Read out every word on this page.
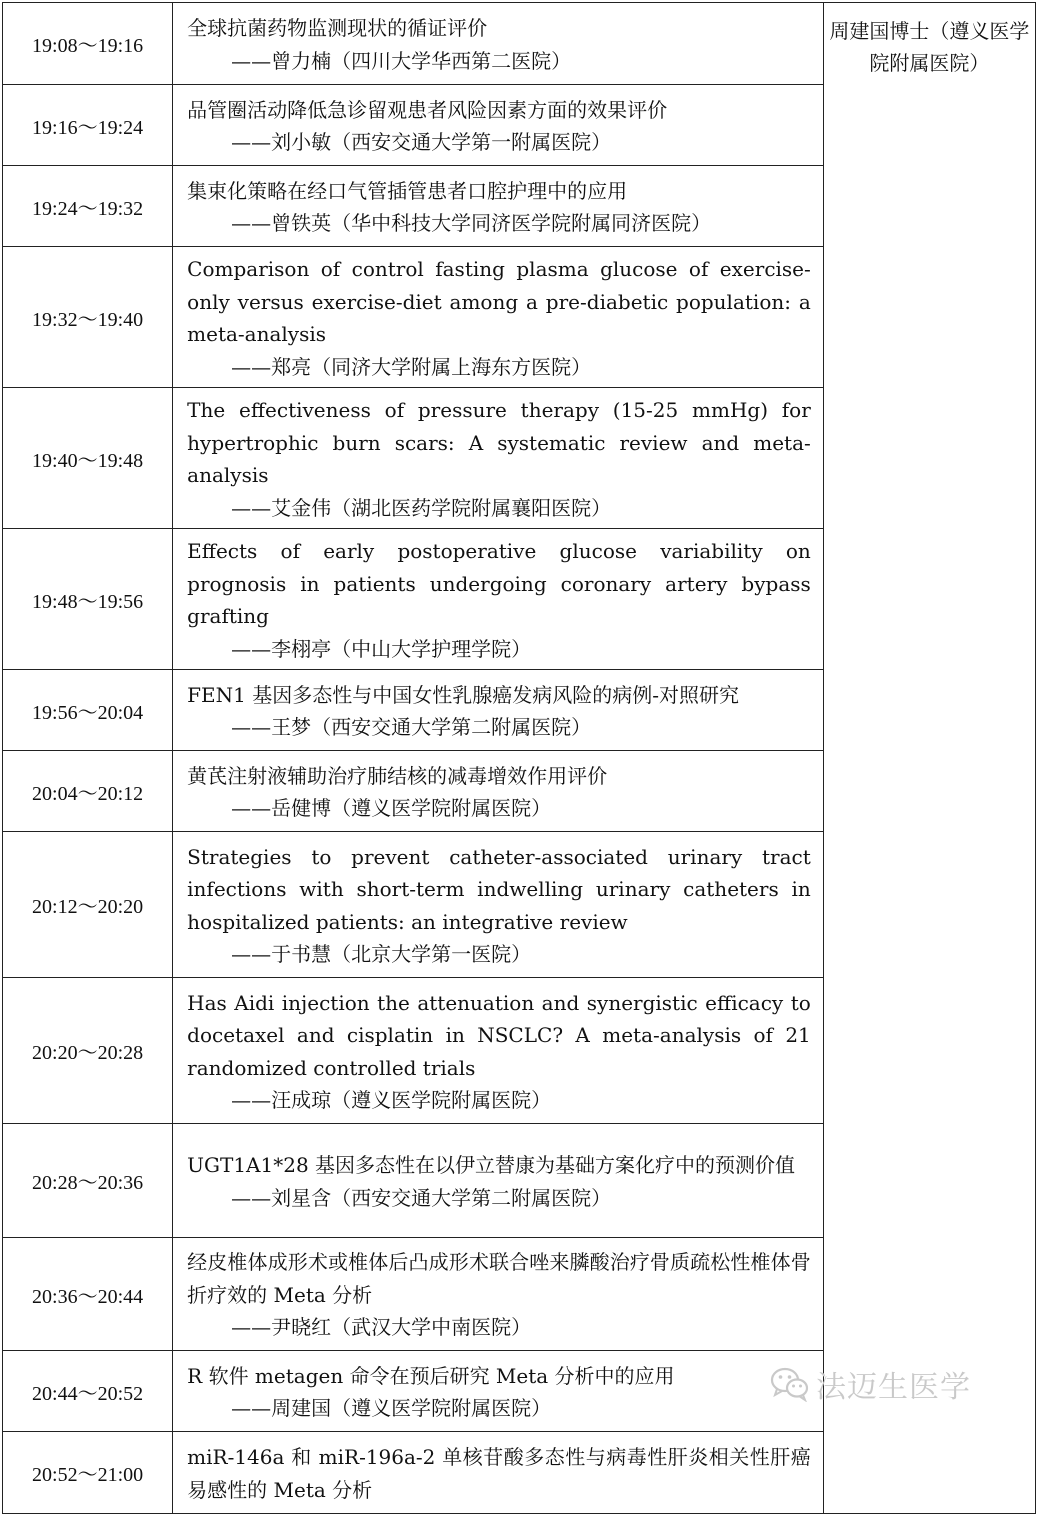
19:08～19:16	全球抗菌药物监测现状的循证评价
——曾力楠（四川大学华西第二医院）	周建国博士（遵义医学院附属医院）
19:16～19:24	品管圈活动降低急诊留观患者风险因素方面的效果评价
——刘小敏（西安交通大学第一附属医院）	

19:24～19:32	集束化策略在经口气管插管患者口腔护理中的应用
——曾铁英（华中科技大学同济医学院附属同济医院）	

19:32～19:40	Comparison of control fasting plasma glucose of exercise-only versus exercise-diet among a pre-diabetic population: a meta-analysis
——郑亮（同济大学附属上海东方医院）	

19:40～19:48	The effectiveness of pressure therapy (15-25 mmHg) for hypertrophic burn scars: A systematic review and meta-analysis
——艾金伟（湖北医药学院附属襄阳医院）	

19:48～19:56	Effects of early postoperative glucose variability on prognosis in patients undergoing coronary artery bypass grafting
——李栩亭（中山大学护理学院）	

19:56～20:04	FEN1 基因多态性与中国女性乳腺癌发病风险的病例-对照研究
——王梦（西安交通大学第二附属医院）	

20:04～20:12	黄芪注射液辅助治疗肺结核的减毒增效作用评价
——岳健博（遵义医学院附属医院）	

20:12～20:20	Strategies to prevent catheter-associated urinary tract infections with short-term indwelling urinary catheters in hospitalized patients: an integrative review
——于书慧（北京大学第一医院）	

20:20～20:28	Has Aidi injection the attenuation and synergistic efficacy to docetaxel and cisplatin in NSCLC? A meta-analysis of 21 randomized controlled trials
——汪成琼（遵义医学院附属医院）	

20:28～20:36	UGT1A1*28 基因多态性在以伊立替康为基础方案化疗中的预测价值
——刘星含（西安交通大学第二附属医院）	

20:36～20:44	经皮椎体成形术或椎体后凸成形术联合唑来膦酸治疗骨质疏松性椎体骨折疗效的 Meta 分析
——尹晓红（武汉大学中南医院）	

20:44～20:52	R 软件 metagen 命令在预后研究 Meta 分析中的应用
——周建国（遵义医学院附属医院）	

20:52～21:00	miR-146a 和 miR-196a-2 单核苷酸多态性与病毒性肝炎相关性肝癌易感性的 Meta 分析	
法迈生医学
